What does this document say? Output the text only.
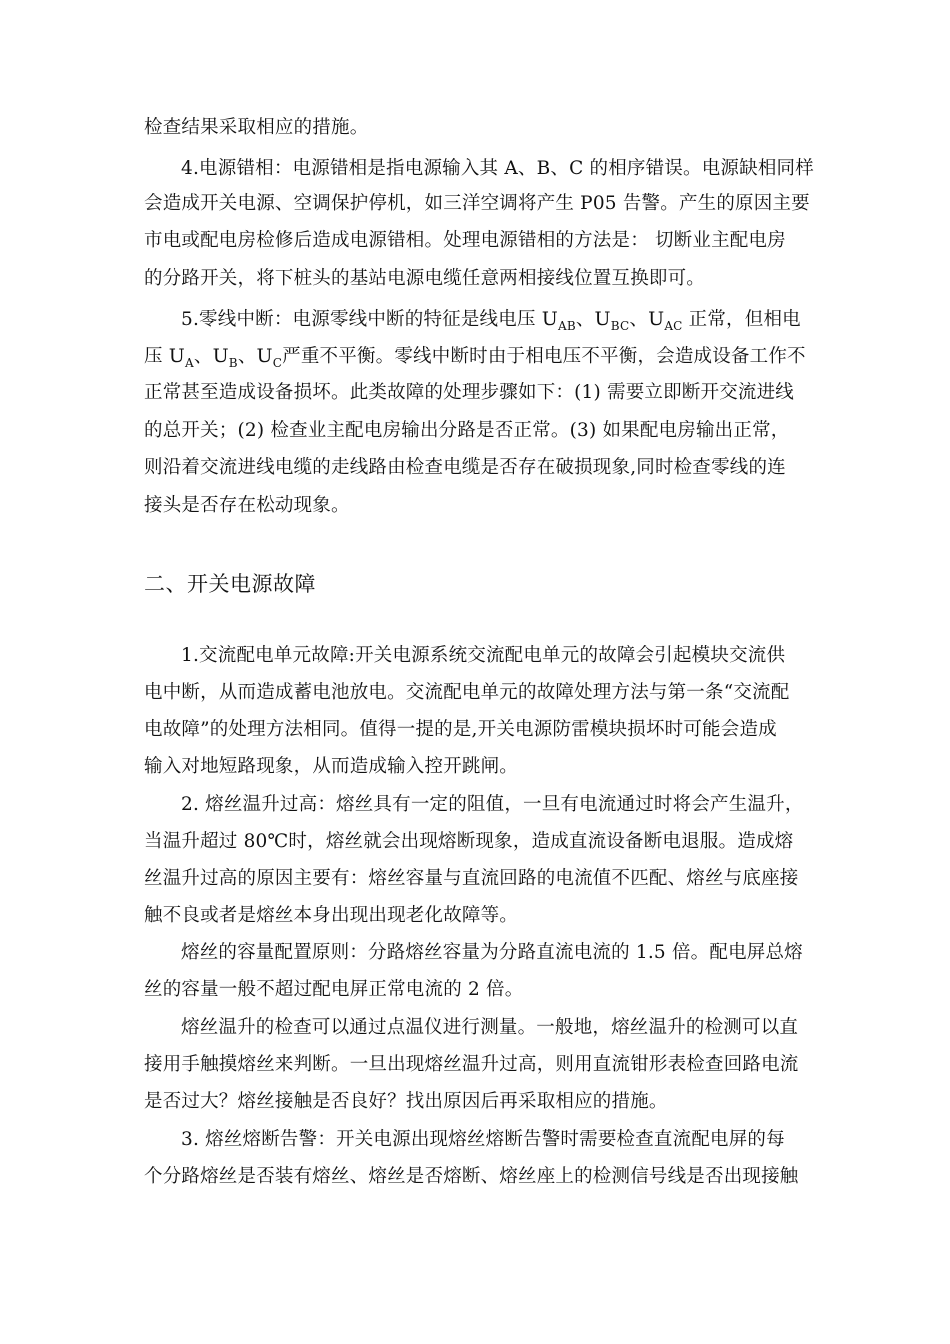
检查结果采取相应的措施。
4.电源错相：电源错相是指电源输入其 A、B、C 的相序错误。电源缺相同样
会造成开关电源、空调保护停机，如三洋空调将产生 P05 告警。产生的原因主要
市电或配电房检修后造成电源错相。处理电源错相的方法是： 切断业主配电房
的分路开关，将下桩头的基站电源电缆任意两相接线位置互换即可。
5.零线中断：电源零线中断的特征是线电压 $U_{AB}$、$U_{BC}$、$U_{AC}$ 正常，但相电
压 $U_A$、$U_B$、$U_C$严重不平衡。零线中断时由于相电压不平衡，会造成设备工作不
正常甚至造成设备损坏。此类故障的处理步骤如下：(1) 需要立即断开交流进线
的总开关；(2) 检查业主配电房输出分路是否正常。(3) 如果配电房输出正常，
则沿着交流进线电缆的走线路由检查电缆是否存在破损现象,同时检查零线的连
接头是否存在松动现象。
二、开关电源故障
1.交流配电单元故障:开关电源系统交流配电单元的故障会引起模块交流供
电中断，从而造成蓄电池放电。交流配电单元的故障处理方法与第一条“交流配
电故障”的处理方法相同。值得一提的是,开关电源防雷模块损坏时可能会造成
输入对地短路现象，从而造成输入控开跳闸。
2. 熔丝温升过高：熔丝具有一定的阻值，一旦有电流通过时将会产生温升，
当温升超过 80℃时，熔丝就会出现熔断现象，造成直流设备断电退服。造成熔
丝温升过高的原因主要有：熔丝容量与直流回路的电流值不匹配、熔丝与底座接
触不良或者是熔丝本身出现出现老化故障等。
熔丝的容量配置原则：分路熔丝容量为分路直流电流的 1.5 倍。配电屏总熔
丝的容量一般不超过配电屏正常电流的 2 倍。
熔丝温升的检查可以通过点温仪进行测量。一般地，熔丝温升的检测可以直
接用手触摸熔丝来判断。一旦出现熔丝温升过高，则用直流钳形表检查回路电流
是否过大？熔丝接触是否良好？找出原因后再采取相应的措施。
3. 熔丝熔断告警：开关电源出现熔丝熔断告警时需要检查直流配电屏的每
个分路熔丝是否装有熔丝、熔丝是否熔断、熔丝座上的检测信号线是否出现接触
